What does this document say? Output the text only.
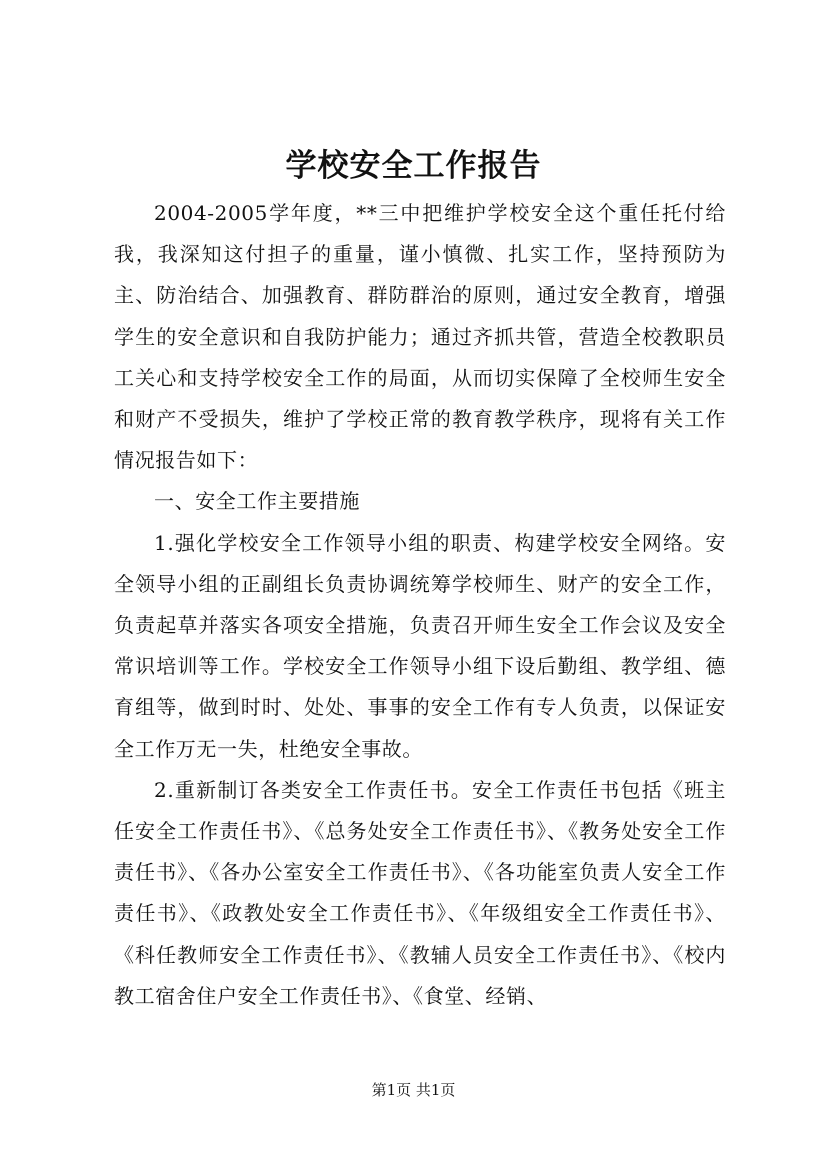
学校安全工作报告

2004-2005学年度，**三中把维护学校安全这个重任托付给我，我深知这付担子的重量，谨小慎微、扎实工作，坚持预防为主、防治结合、加强教育、群防群治的原则，通过安全教育，增强学生的安全意识和自我防护能力；通过齐抓共管，营造全校教职员工关心和支持学校安全工作的局面，从而切实保障了全校师生安全和财产不受损失，维护了学校正常的教育教学秩序，现将有关工作情况报告如下：

一、安全工作主要措施

1.强化学校安全工作领导小组的职责、构建学校安全网络。安全领导小组的正副组长负责协调统筹学校师生、财产的安全工作，负责起草并落实各项安全措施，负责召开师生安全工作会议及安全常识培训等工作。学校安全工作领导小组下设后勤组、教学组、德育组等，做到时时、处处、事事的安全工作有专人负责，以保证安全工作万无一失，杜绝安全事故。

2.重新制订各类安全工作责任书。安全工作责任书包括《班主任安全工作责任书》、《总务处安全工作责任书》、《教务处安全工作责任书》、《各办公室安全工作责任书》、《各功能室负责人安全工作责任书》、《政教处安全工作责任书》、《年级组安全工作责任书》、《科任教师安全工作责任书》、《教辅人员安全工作责任书》、《校内教工宿舍住户安全工作责任书》、《食堂、经销、

第1页 共1页
